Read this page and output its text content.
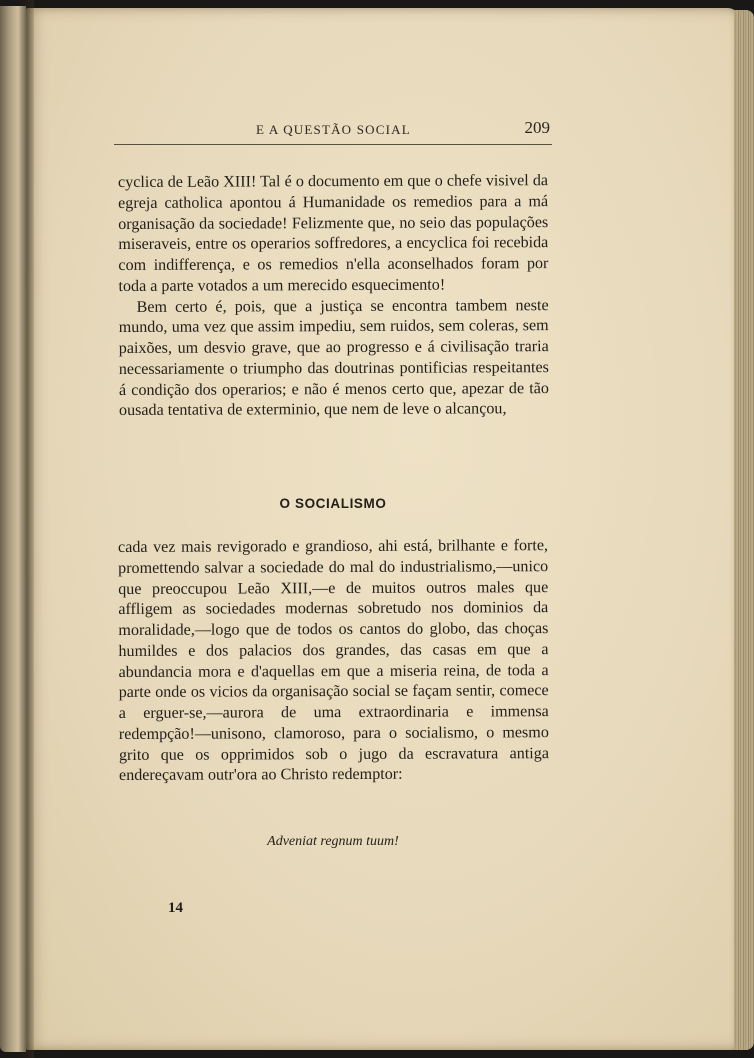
E A QUESTÃO SOCIAL	209

cyclica de Leão XIII! Tal é o documento em que o chefe visivel da egreja catholica apontou á Humanidade os remedios para a má organisação da sociedade! Felizmente que, no seio das populações miseraveis, entre os operarios soffredores, a encyclica foi recebida com indifferença, e os remedios n'ella aconselhados foram por toda a parte votados a um merecido esquecimento!

Bem certo é, pois, que a justiça se encontra tambem neste mundo, uma vez que assim impediu, sem ruidos, sem coleras, sem paixões, um desvio grave, que ao progresso e á civilisação traria necessariamente o triumpho das doutrinas pontificias respeitantes á condição dos operarios; e não é menos certo que, apezar de tão ousada tentativa de exterminio, que nem de leve o alcançou,

O SOCIALISMO

cada vez mais revigorado e grandioso, ahi está, brilhante e forte, promettendo salvar a sociedade do mal do industrialismo,—unico que preoccupou Leão XIII,—e de muitos outros males que affligem as sociedades modernas sobretudo nos dominios da moralidade,—logo que de todos os cantos do globo, das choças humildes e dos palacios dos grandes, das casas em que a abundancia mora e d'aquellas em que a miseria reina, de toda a parte onde os vicios da organisação social se façam sentir, comece a erguer-se,—aurora de uma extraordinaria e immensa redempção!—unisono, clamoroso, para o socialismo, o mesmo grito que os opprimidos sob o jugo da escravatura antiga endereçavam outr'ora ao Christo redemptor:

Adveniat regnum tuum!
14
